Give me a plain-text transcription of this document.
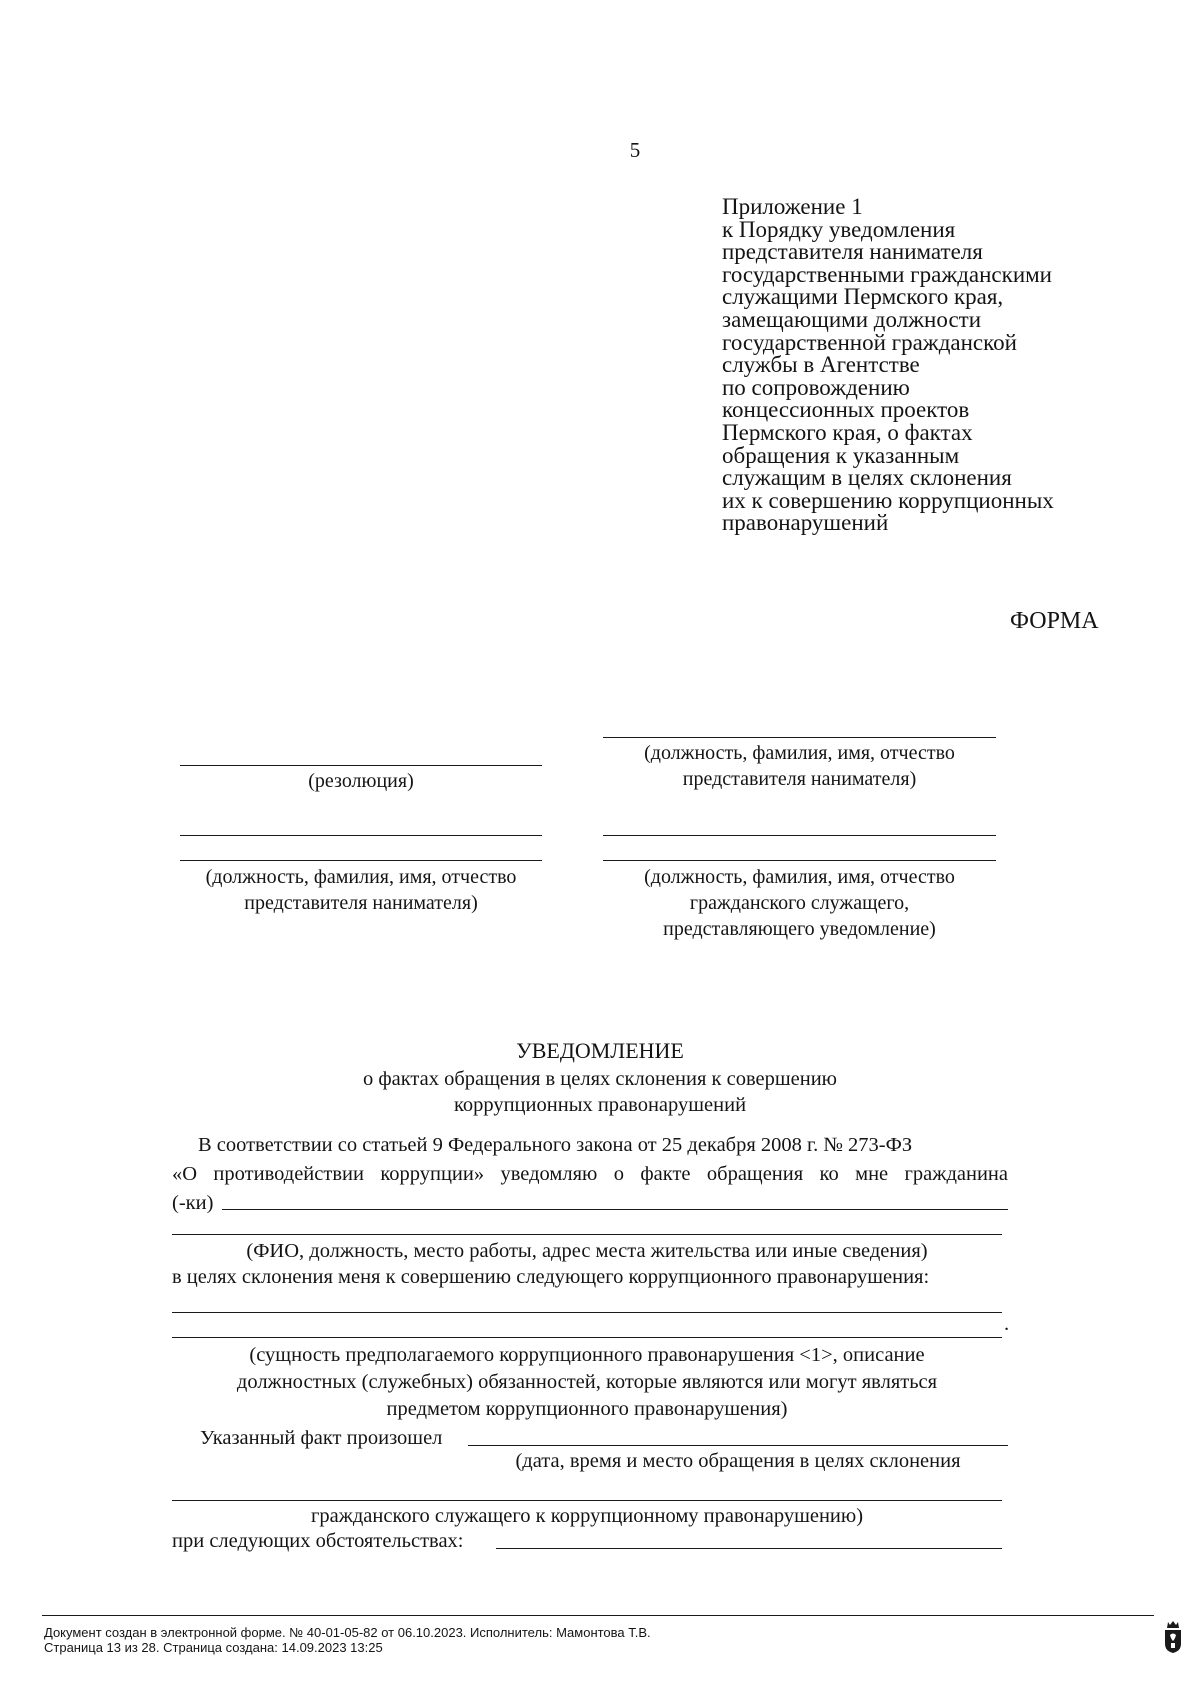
5
Приложение 1
к Порядку уведомления
представителя нанимателя
государственными гражданскими
служащими Пермского края,
замещающими должности
государственной гражданской
службы в Агентстве
по сопровождению
концессионных проектов
Пермского края, о фактах
обращения к указанным
служащим в целях склонения
их к совершению коррупционных
правонарушений
ФОРМА
(должность, фамилия, имя, отчество
представителя нанимателя)
(резолюция)
(должность, фамилия, имя, отчество
представителя нанимателя)
(должность, фамилия, имя, отчество
гражданского служащего,
представляющего уведомление)
УВЕДОМЛЕНИЕ
о фактах обращения в целях склонения к совершению
коррупционных правонарушений
В соответствии со статьей 9 Федерального закона от 25 декабря 2008 г. № 273-ФЗ
«О противодействии коррупции» уведомляю о факте обращения ко мне гражданина
(-ки)
(ФИО, должность, место работы, адрес места жительства или иные сведения)
в целях склонения меня к совершению следующего коррупционного правонарушения:
.
(сущность предполагаемого коррупционного правонарушения <1>, описание
должностных (служебных) обязанностей, которые являются или могут являться
предметом коррупционного правонарушения)
Указанный факт произошел
(дата, время и место обращения в целях склонения
гражданского служащего к коррупционному правонарушению)
при следующих обстоятельствах:
Документ создан в электронной форме. № 40-01-05-82 от 06.10.2023. Исполнитель: Мамонтова Т.В.
Страница 13 из 28. Страница создана: 14.09.2023 13:25
